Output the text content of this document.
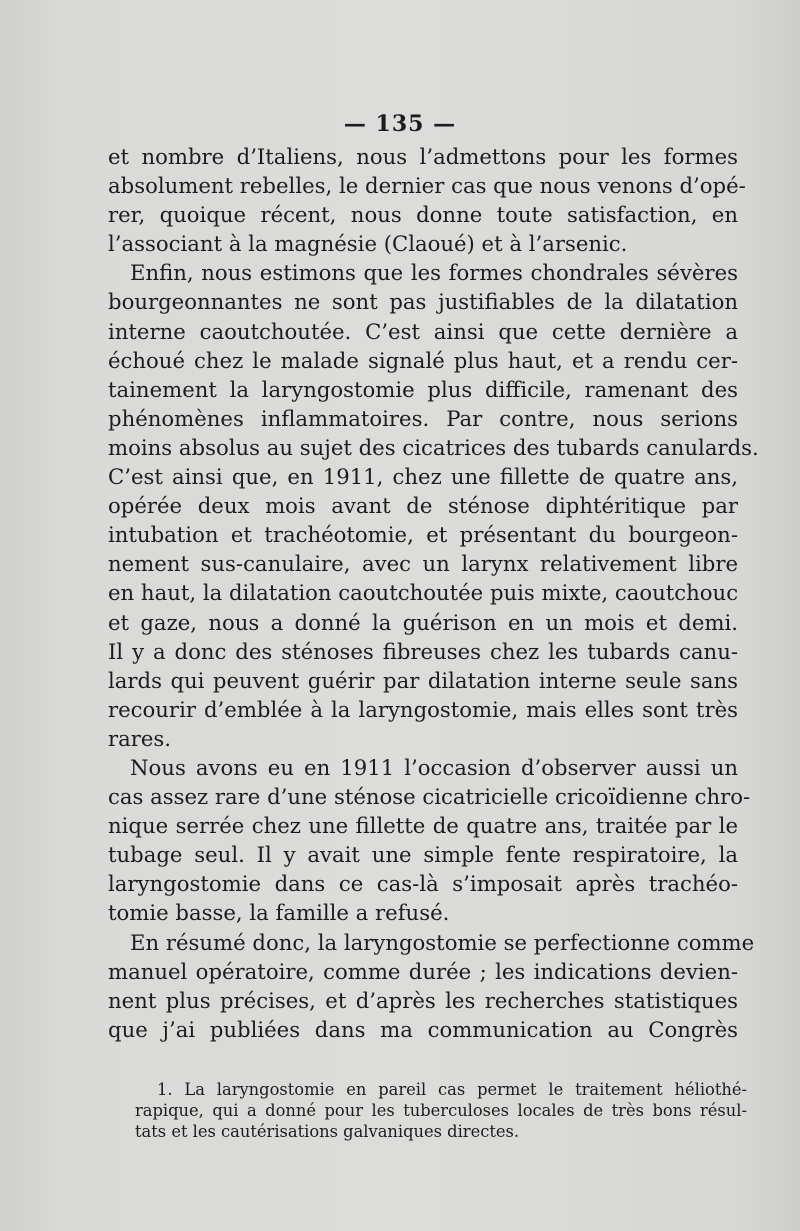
— 135 —
et nombre d’Italiens, nous l’admettons pour les formes
absolument rebelles, le dernier cas que nous venons d’opé-
rer, quoique récent, nous donne toute satisfaction, en
l’associant à la magnésie (Claoué) et à l’arsenic.
Enfin, nous estimons que les formes chondrales sévères
bourgeonnantes ne sont pas justifiables de la dilatation
interne caoutchoutée. C’est ainsi que cette dernière a
échoué chez le malade signalé plus haut, et a rendu cer-
tainement la laryngostomie plus difficile, ramenant des
phénomènes inflammatoires. Par contre, nous serions
moins absolus au sujet des cicatrices des tubards canulards.
C’est ainsi que, en 1911, chez une fillette de quatre ans,
opérée deux mois avant de sténose diphtéritique par
intubation et trachéotomie, et présentant du bourgeon-
nement sus-canulaire, avec un larynx relativement libre
en haut, la dilatation caoutchoutée puis mixte, caoutchouc
et gaze, nous a donné la guérison en un mois et demi.
Il y a donc des sténoses fibreuses chez les tubards canu-
lards qui peuvent guérir par dilatation interne seule sans
recourir d’emblée à la laryngostomie, mais elles sont très
rares.
Nous avons eu en 1911 l’occasion d’observer aussi un
cas assez rare d’une sténose cicatricielle cricoïdienne chro-
nique serrée chez une fillette de quatre ans, traitée par le
tubage seul. Il y avait une simple fente respiratoire, la
laryngostomie dans ce cas-là s’imposait après trachéo-
tomie basse, la famille a refusé.
En résumé donc, la laryngostomie se perfectionne comme
manuel opératoire, comme durée ; les indications devien-
nent plus précises, et d’après les recherches statistiques
que j’ai publiées dans ma communication au Congrès
1. La laryngostomie en pareil cas permet le traitement héliothé-
rapique, qui a donné pour les tuberculoses locales de très bons résul-
tats et les cautérisations galvaniques directes.
